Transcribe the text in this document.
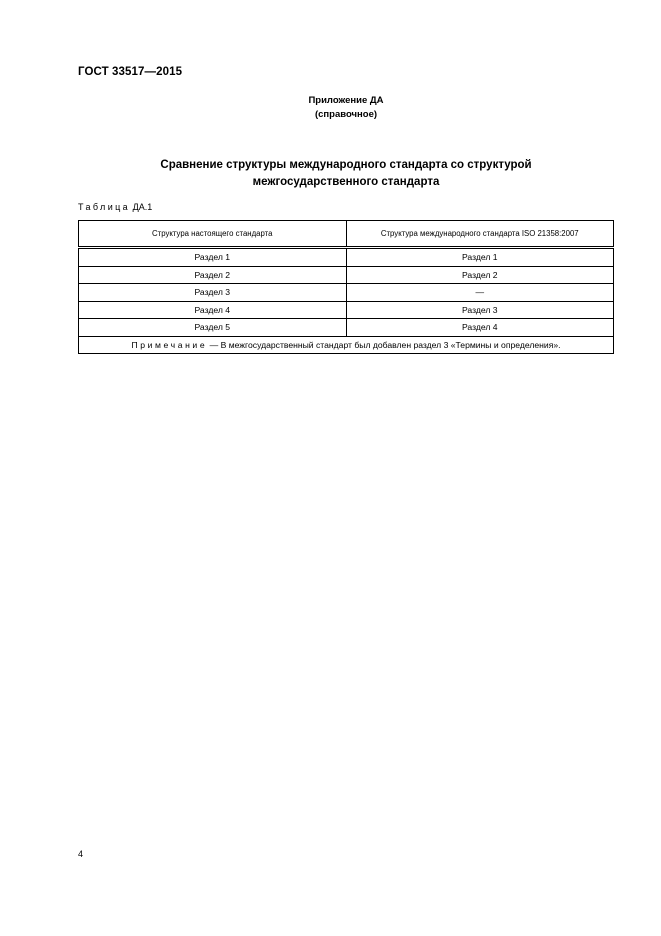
ГОСТ 33517—2015
Приложение ДА
(справочное)
Сравнение структуры международного стандарта со структурой
межгосударственного стандарта
Таблица ДА.1
Структура настоящего стандарта	Структура международного стандарта ISO 21358:2007
Раздел 1	Раздел 1
Раздел 2	Раздел 2
Раздел 3	—
Раздел 4	Раздел 3
Раздел 5	Раздел 4
Примечание — В межгосударственный стандарт был добавлен раздел 3 «Термины и определения».	
4
